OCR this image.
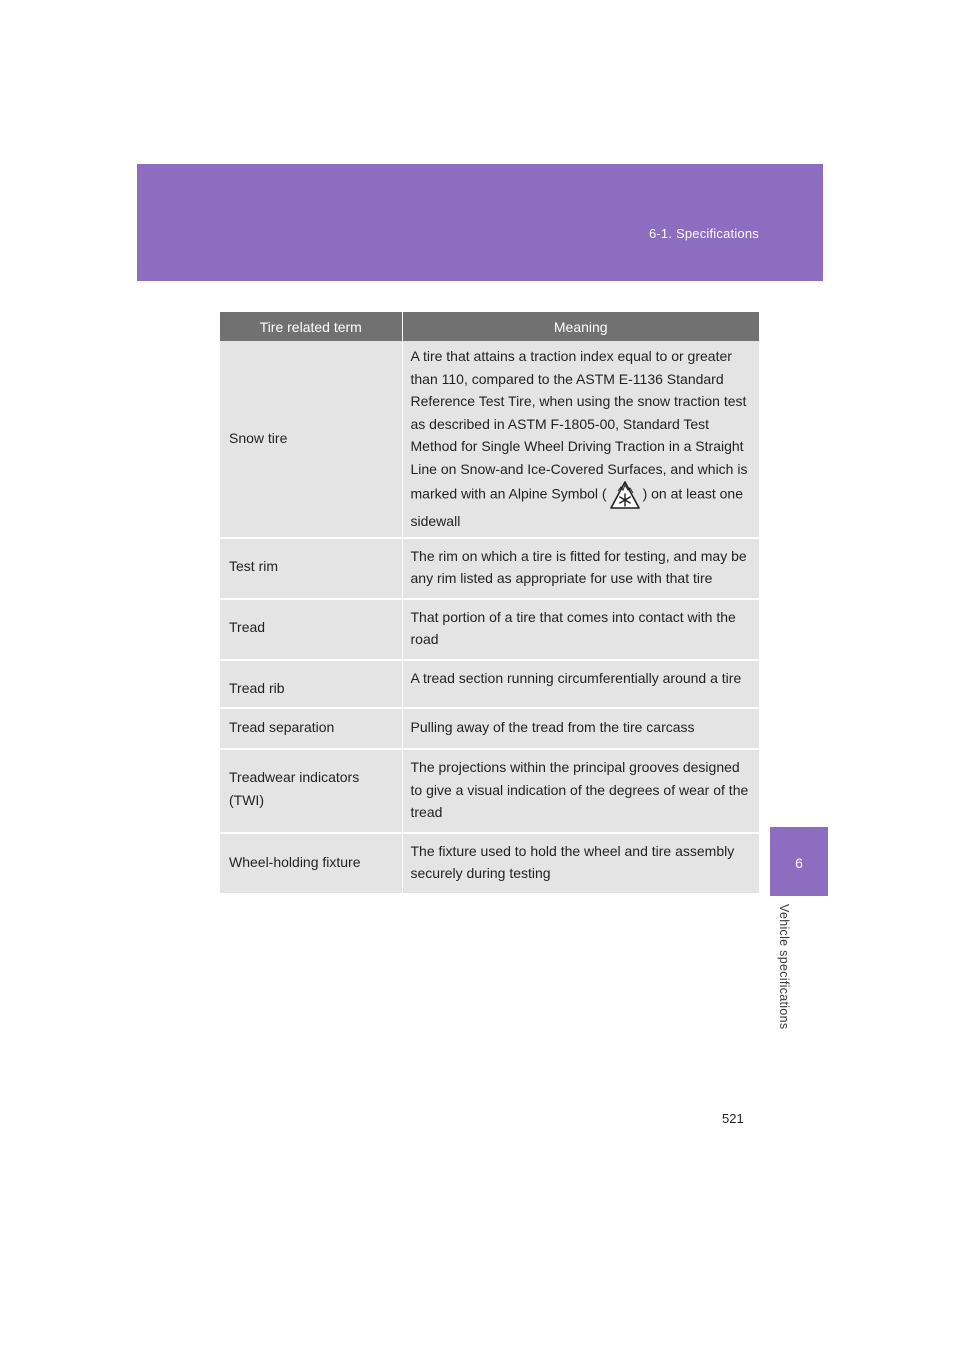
6-1. Specifications
6
Vehicle specifications
Tire related term	Meaning
Snow tire	A tire that attains a traction index equal to or greater than 110, compared to the ASTM E-1136 Standard Reference Test Tire, when using the snow traction test as described in ASTM F-1805-00, Standard Test Method for Single Wheel Driving Traction in a Straight Line on Snow-and Ice-Covered Surfaces, and which is marked with an Alpine Symbol ( ) on at least one sidewall
Test rim	The rim on which a tire is fitted for testing, and may be any rim listed as appropriate for use with that tire
Tread	That portion of a tire that comes into contact with the road
Tread rib	A tread section running circumferentially around a tire
Tread separation	Pulling away of the tread from the tire carcass
Treadwear indicators (TWI)	The projections within the principal grooves designed to give a visual indication of the degrees of wear of the tread
Wheel-holding fixture	The fixture used to hold the wheel and tire assembly securely during testing
521
